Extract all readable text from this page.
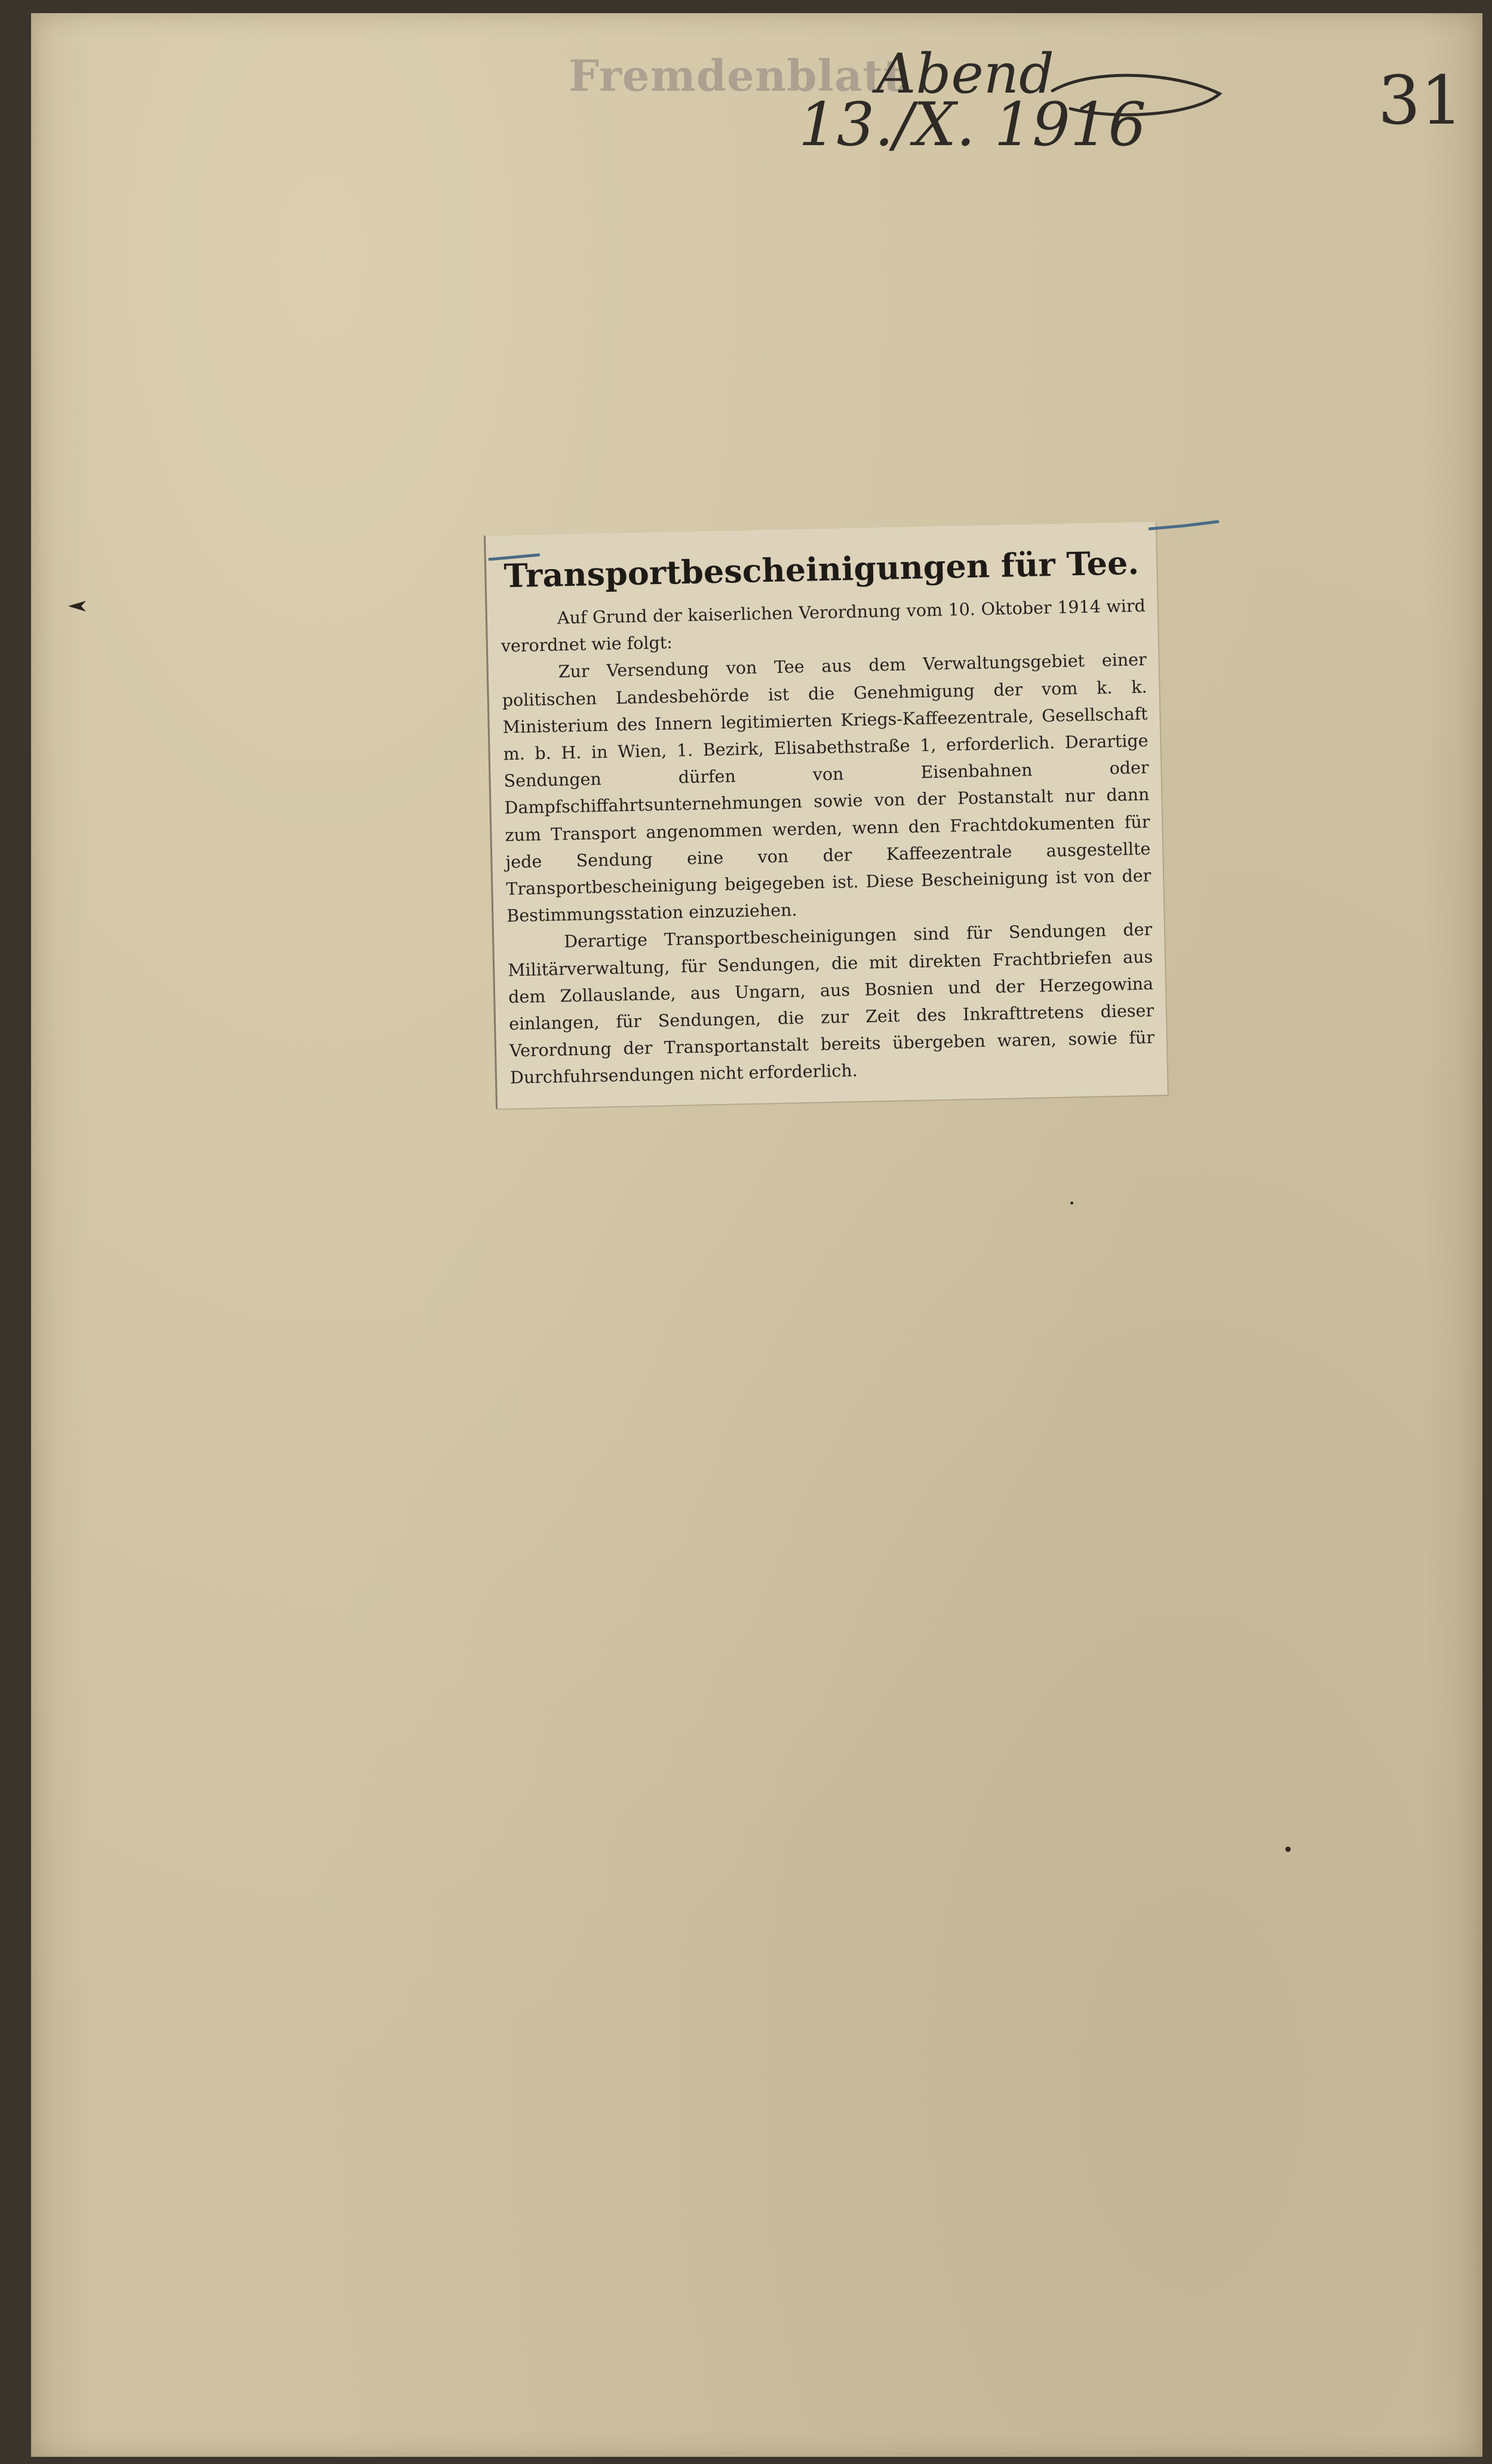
Fremdenblatt
Abend
13./X. 1916	31
Transportbescheinigungen für Tee.

Auf Grund der kaiserlichen Verordnung vom 10. Oktober 1914 wird verordnet wie folgt:

Zur Versendung von Tee aus dem Verwaltungsgebiet einer politischen Landesbehörde ist die Genehmigung der vom k. k. Ministerium des Innern legitimierten Kriegs-Kaffeezentrale, Gesellschaft m. b. H. in Wien, 1. Bezirk, Elisabethstraße 1, erforderlich. Derartige Sendungen dürfen von Eisenbahnen oder Dampfschiffahrtsunternehmungen sowie von der Postanstalt nur dann zum Transport angenommen werden, wenn den Frachtdokumenten für jede Sendung eine von der Kaffeezentrale ausgestellte Transportbescheinigung beigegeben ist. Diese Bescheinigung ist von der Bestimmungsstation einzuziehen.

Derartige Transportbescheinigungen sind für Sendungen der Militärverwaltung, für Sendungen, die mit direkten Frachtbriefen aus dem Zollauslande, aus Ungarn, aus Bosnien und der Herzegowina einlangen, für Sendungen, die zur Zeit des Inkrafttretens dieser Verordnung der Transportanstalt bereits übergeben waren, sowie für Durchfuhrsendungen nicht erforderlich.
